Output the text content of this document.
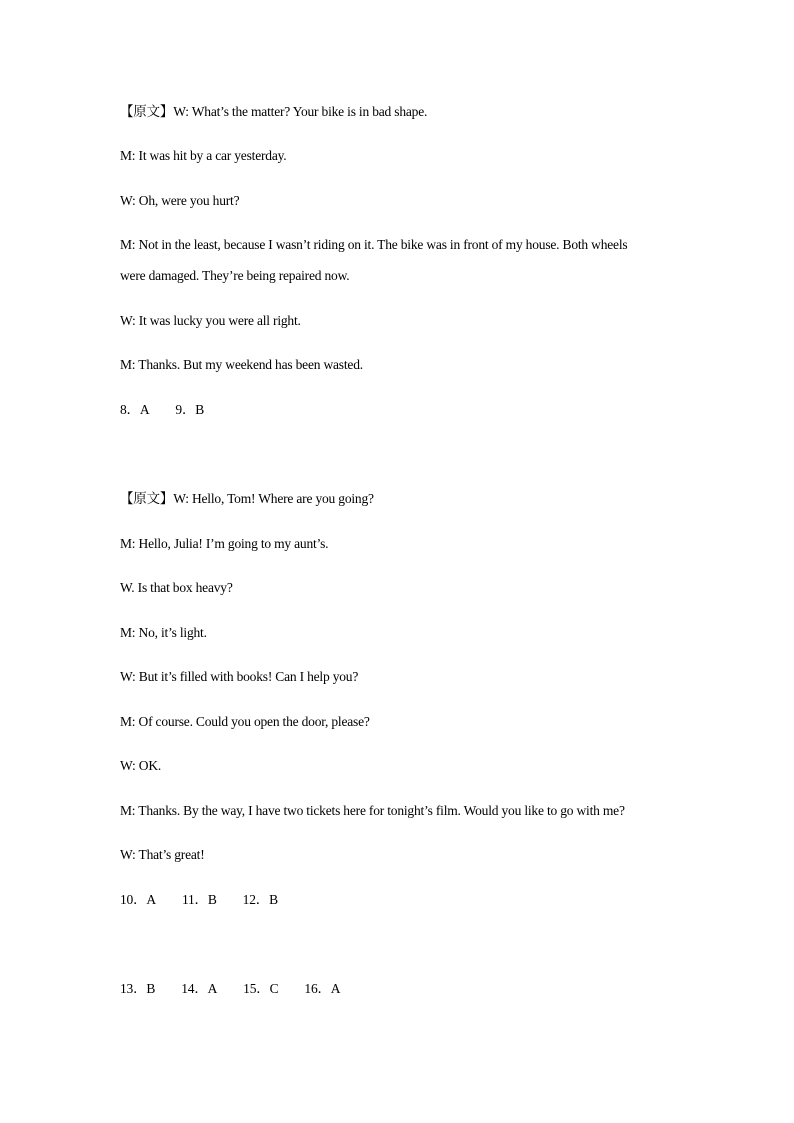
【原文】W: What’s the matter? Your bike is in bad shape.
M: It was hit by a car yesterday.
W: Oh, were you hurt?
M: Not in the least, because I wasn’t riding on it. The bike was in front of my house. Both wheels
were damaged. They’re being repaired now.
W: It was lucky you were all right.
M: Thanks. But my weekend has been wasted.
8．A 9．B
【原文】W: Hello, Tom! Where are you going?
M: Hello, Julia! I’m going to my aunt’s.
W. Is that box heavy?
M: No, it’s light.
W: But it’s filled with books! Can I help you?
M: Of course. Could you open the door, please?
W: OK.
M: Thanks. By the way, I have two tickets here for tonight’s film. Would you like to go with me?
W: That’s great!
10．A 11．B 12．B
13．B 14．A 15．C 16．A
